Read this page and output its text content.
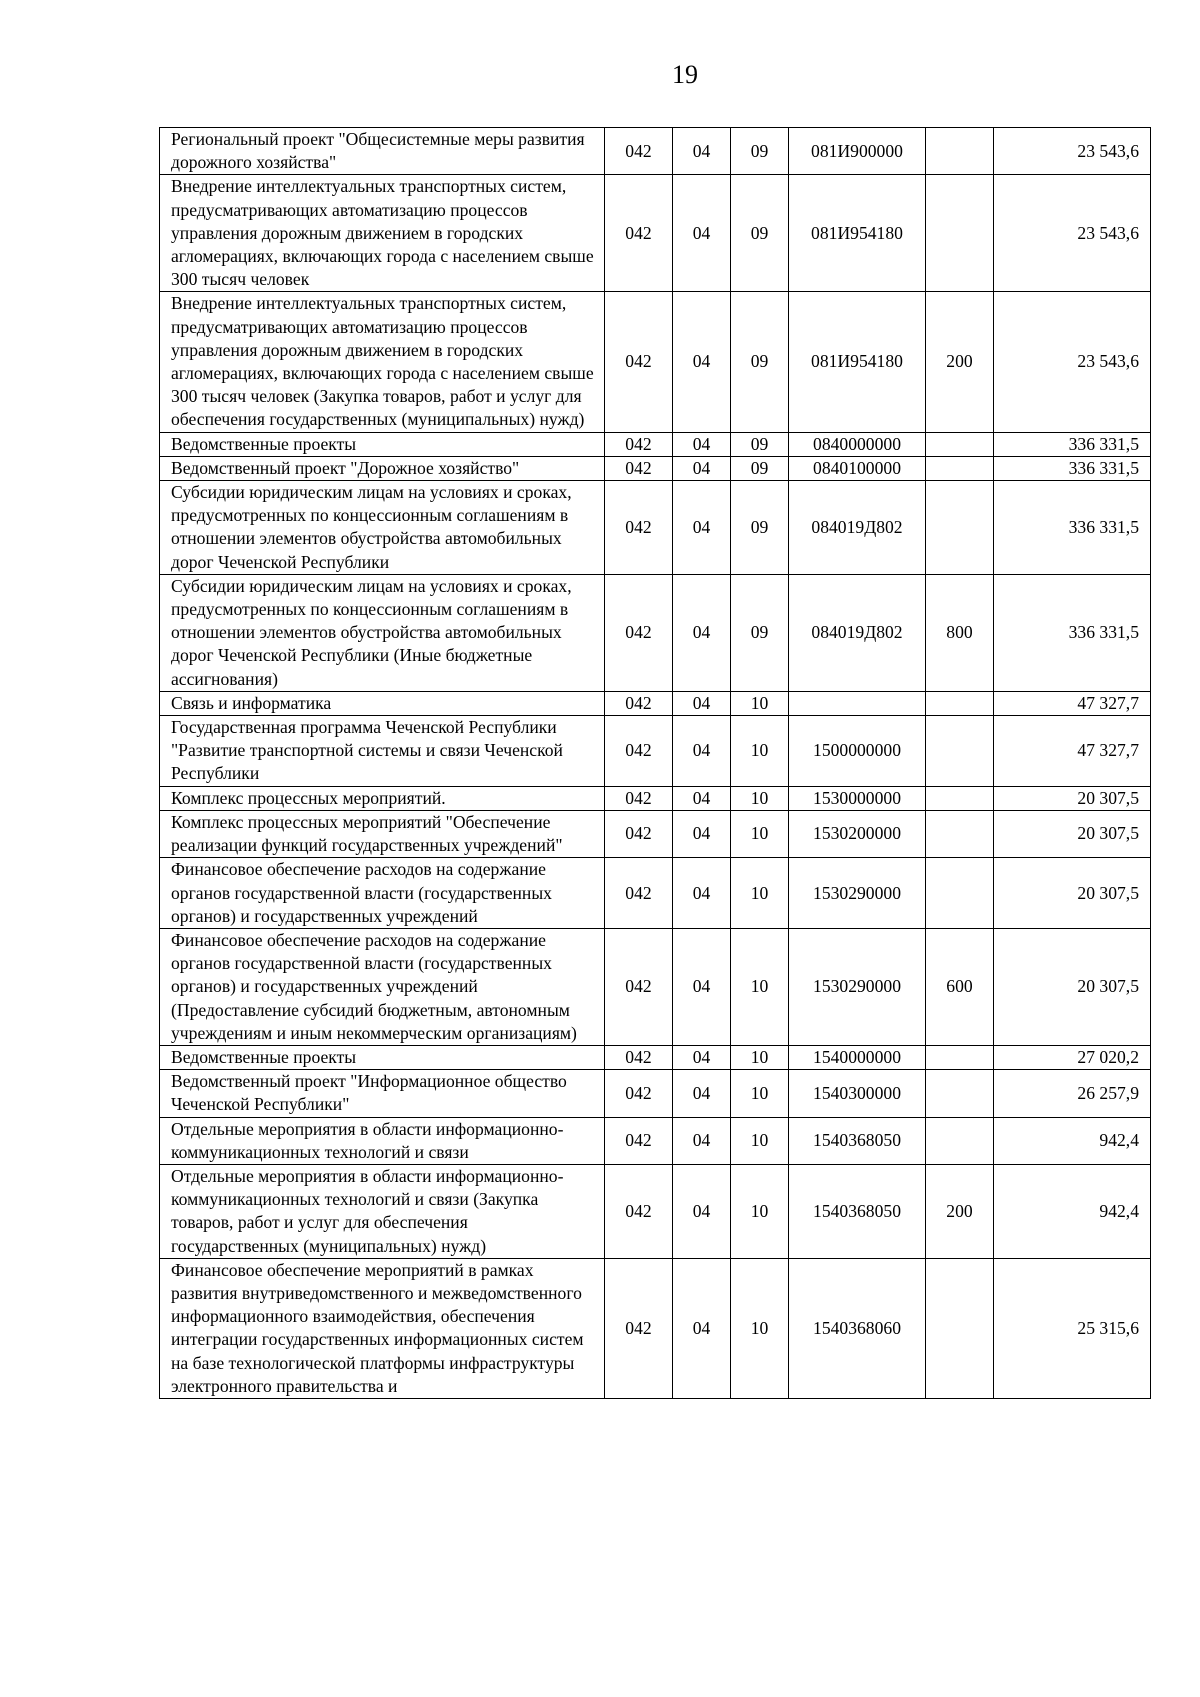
19
Региональный проект "Общесистемные меры развития дорожного хозяйства"	042	04	09	081И900000		23 543,6
Внедрение интеллектуальных транспортных систем, предусматривающих автоматизацию процессов управления дорожным движением в городских агломерациях, включающих города с населением свыше 300 тысяч человек	042	04	09	081И954180		23 543,6
Внедрение интеллектуальных транспортных систем, предусматривающих автоматизацию процессов управления дорожным движением в городских агломерациях, включающих города с населением свыше 300 тысяч человек (Закупка товаров, работ и услуг для обеспечения государственных (муниципальных) нужд)	042	04	09	081И954180	200	23 543,6
Ведомственные проекты	042	04	09	0840000000		336 331,5
Ведомственный проект "Дорожное хозяйство"	042	04	09	0840100000		336 331,5
Субсидии юридическим лицам на условиях и сроках, предусмотренных по концессионным соглашениям в отношении элементов обустройства автомобильных дорог Чеченской Республики	042	04	09	084019Д802		336 331,5
Субсидии юридическим лицам на условиях и сроках, предусмотренных по концессионным соглашениям в отношении элементов обустройства автомобильных дорог Чеченской Республики (Иные бюджетные ассигнования)	042	04	09	084019Д802	800	336 331,5
Связь и информатика	042	04	10			47 327,7
Государственная программа Чеченской Республики "Развитие транспортной системы и связи Чеченской Республики	042	04	10	1500000000		47 327,7
Комплекс процессных мероприятий.	042	04	10	1530000000		20 307,5
Комплекс процессных мероприятий "Обеспечение реализации функций государственных учреждений"	042	04	10	1530200000		20 307,5
Финансовое обеспечение расходов на содержание органов государственной власти (государственных органов) и государственных учреждений	042	04	10	1530290000		20 307,5
Финансовое обеспечение расходов на содержание органов государственной власти (государственных органов) и государственных учреждений (Предоставление субсидий бюджетным, автономным учреждениям и иным некоммерческим организациям)	042	04	10	1530290000	600	20 307,5
Ведомственные проекты	042	04	10	1540000000		27 020,2
Ведомственный проект "Информационное общество Чеченской Республики"	042	04	10	1540300000		26 257,9
Отдельные мероприятия в области информационно-коммуникационных технологий и связи	042	04	10	1540368050		942,4
Отдельные мероприятия в области информационно-коммуникационных технологий и связи (Закупка товаров, работ и услуг для обеспечения государственных (муниципальных) нужд)	042	04	10	1540368050	200	942,4
Финансовое обеспечение мероприятий в рамках развития внутриведомственного и межведомственного информационного взаимодействия, обеспечения интеграции государственных информационных систем на базе технологической платформы инфраструктуры электронного правительства и	042	04	10	1540368060		25 315,6
